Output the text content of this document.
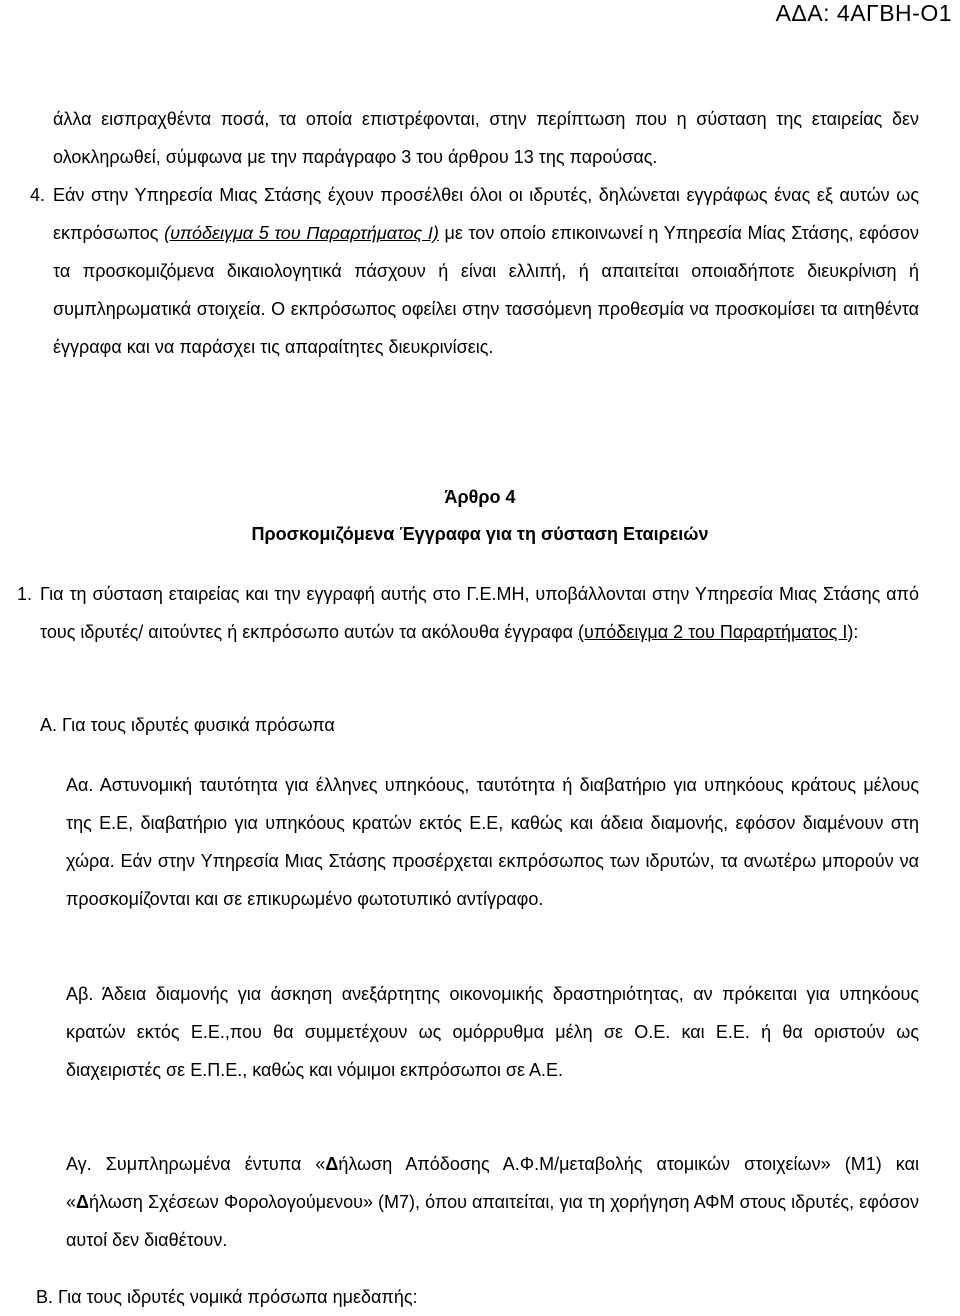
ΑΔΑ: 4ΑΓΒΗ-Ο1
άλλα εισπραχθέντα ποσά, τα οποία επιστρέφονται, στην περίπτωση που η σύσταση της εταιρείας δεν ολοκληρωθεί, σύμφωνα με την παράγραφο 3 του άρθρου 13 της παρούσας.
4. Εάν στην Υπηρεσία Μιας Στάσης έχουν προσέλθει όλοι οι ιδρυτές, δηλώνεται εγγράφως ένας εξ αυτών ως εκπρόσωπος (υπόδειγμα 5 του Παραρτήματος Ι) με τον οποίο επικοινωνεί η Υπηρεσία Μίας Στάσης, εφόσον τα προσκομιζόμενα δικαιολογητικά πάσχουν ή είναι ελλιπή, ή απαιτείται οποιαδήποτε διευκρίνιση ή συμπληρωματικά στοιχεία. Ο εκπρόσωπος οφείλει στην τασσόμενη προθεσμία να προσκομίσει τα αιτηθέντα έγγραφα και να παράσχει τις απαραίτητες διευκρινίσεις.
Άρθρο 4
Προσκομιζόμενα Έγγραφα για τη σύσταση Εταιρειών
1. Για τη σύσταση εταιρείας και την εγγραφή αυτής στο Γ.Ε.ΜΗ, υποβάλλονται στην Υπηρεσία Μιας Στάσης από τους ιδρυτές/ αιτούντες ή εκπρόσωπο αυτών τα ακόλουθα έγγραφα (υπόδειγμα 2 του Παραρτήματος Ι):
Α. Για τους ιδρυτές φυσικά πρόσωπα
Αα. Αστυνομική ταυτότητα για έλληνες υπηκόους, ταυτότητα ή διαβατήριο για υπηκόους κράτους μέλους της Ε.Ε, διαβατήριο για υπηκόους κρατών εκτός Ε.Ε, καθώς και άδεια διαμονής, εφόσον διαμένουν στη χώρα. Εάν στην Υπηρεσία Μιας Στάσης προσέρχεται εκπρόσωπος των ιδρυτών, τα ανωτέρω μπορούν να προσκομίζονται και σε επικυρωμένο φωτοτυπικό αντίγραφο.
Αβ. Άδεια διαμονής για άσκηση ανεξάρτητης οικονομικής δραστηριότητας, αν πρόκειται για υπηκόους κρατών εκτός Ε.Ε.,που θα συμμετέχουν ως ομόρρυθμα μέλη σε Ο.Ε. και Ε.Ε. ή θα οριστούν ως διαχειριστές σε Ε.Π.Ε., καθώς και νόμιμοι εκπρόσωποι σε Α.Ε.
Αγ. Συμπληρωμένα έντυπα «Δήλωση Απόδοσης Α.Φ.Μ/μεταβολής ατομικών στοιχείων» (Μ1) και «Δήλωση Σχέσεων Φορολογούμενου» (Μ7), όπου απαιτείται, για τη χορήγηση ΑΦΜ στους ιδρυτές, εφόσον αυτοί δεν διαθέτουν.
Β. Για τους ιδρυτές νομικά πρόσωπα ημεδαπής:
